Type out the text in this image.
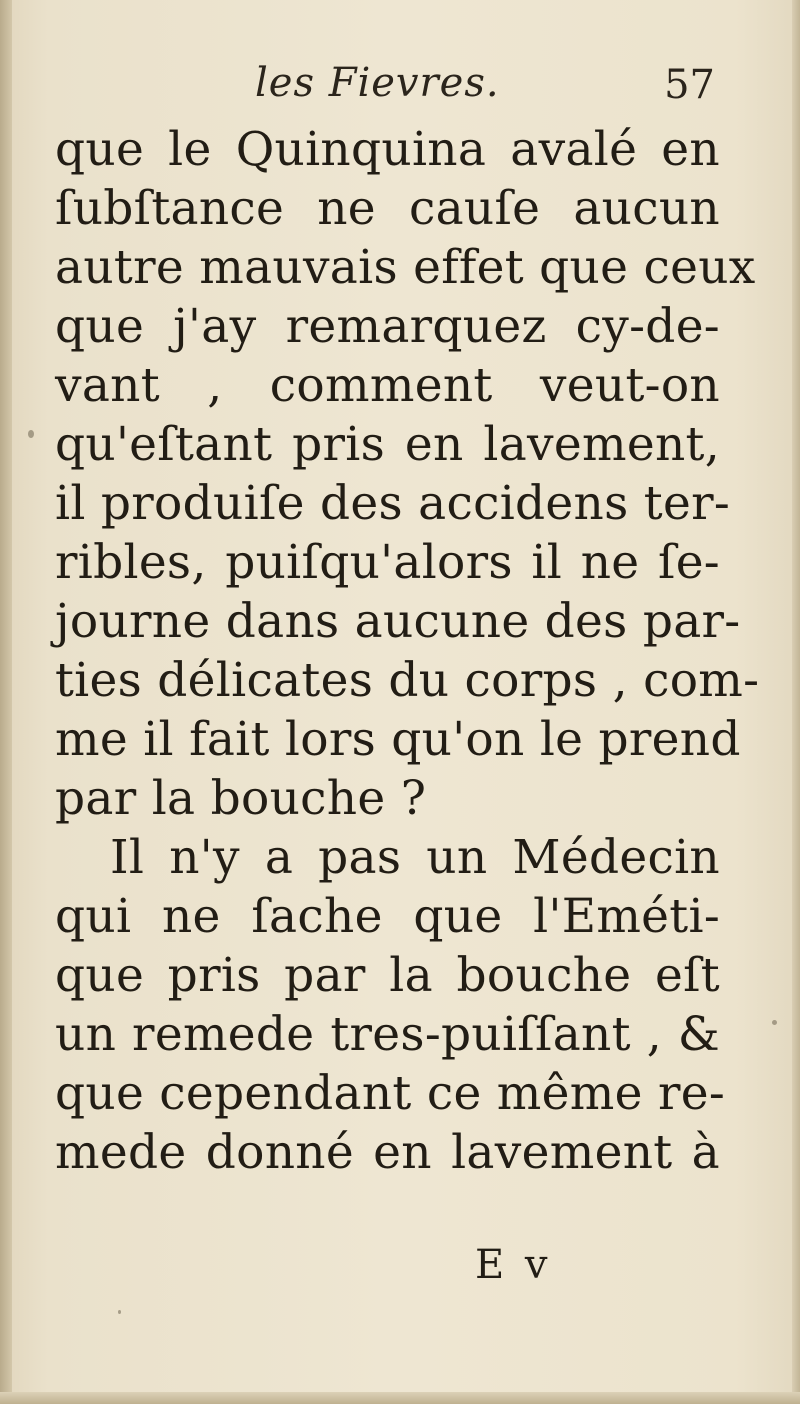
les Fievres.	57
que le Quinquina avalé en
ſubſtance ne cauſe aucun
autre mauvais effet que ceux
que j'ay remarquez cy-de-
vant , comment veut-on
qu'eſtant pris en lavement,
il produiſe des accidens ter-
ribles, puiſqu'alors il ne ſe-
journe dans aucune des par-
ties délicates du corps , com-
me il fait lors qu'on le prend
par la bouche ?
Il n'y a pas un Médecin
qui ne ſache que l'Eméti-
que pris par la bouche eſt
un remede tres-puiſſant , &
que cependant ce même re-
mede donné en lavement à
E v
